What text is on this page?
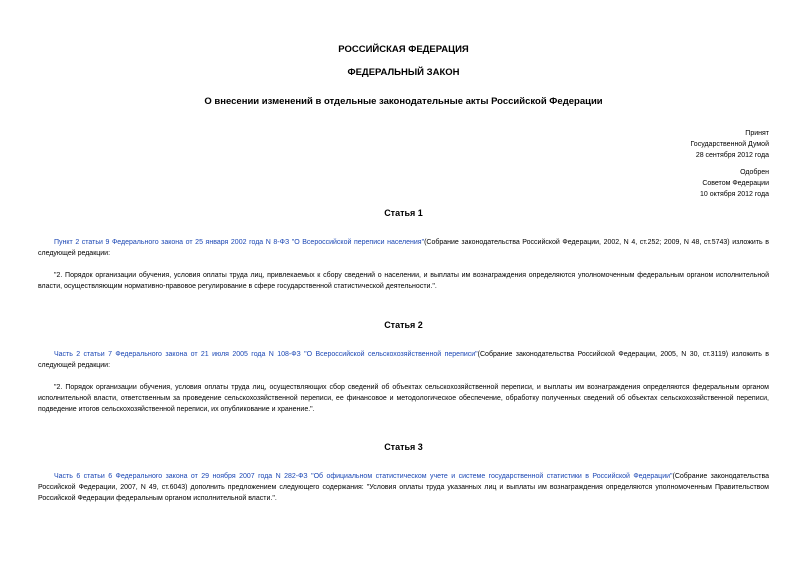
РОССИЙСКАЯ ФЕДЕРАЦИЯ
ФЕДЕРАЛЬНЫЙ ЗАКОН
О внесении изменений в отдельные законодательные акты Российской Федерации
Принят
Государственной Думой
28 сентября 2012 года
Одобрен
Советом Федерации
10 октября 2012 года
Статья 1
Пункт 2 статьи 9 Федерального закона от 25 января 2002 года N 8-ФЗ "О Всероссийской переписи населения"(Собрание законодательства Российской Федерации, 2002, N 4, ст.252; 2009, N 48, ст.5743) изложить в следующей редакции:
"2. Порядок организации обучения, условия оплаты труда лиц, привлекаемых к сбору сведений о населении, и выплаты им вознаграждения определяются уполномоченным федеральным органом исполнительной власти, осуществляющим нормативно-правовое регулирование в сфере государственной статистической деятельности.".
Статья 2
Часть 2 статьи 7 Федерального закона от 21 июля 2005 года N 108-ФЗ "О Всероссийской сельскохозяйственной переписи"(Собрание законодательства Российской Федерации, 2005, N 30, ст.3119) изложить в следующей редакции:
"2. Порядок организации обучения, условия оплаты труда лиц, осуществляющих сбор сведений об объектах сельскохозяйственной переписи, и выплаты им вознаграждения определяются федеральным органом исполнительной власти, ответственным за проведение сельскохозяйственной переписи, ее финансовое и методологическое обеспечение, обработку полученных сведений об объектах сельскохозяйственной переписи, подведение итогов сельскохозяйственной переписи, их опубликование и хранение.".
Статья 3
Часть 6 статьи 6 Федерального закона от 29 ноября 2007 года N 282-ФЗ "Об официальном статистическом учете и системе государственной статистики в Российской Федерации"(Собрание законодательства Российской Федерации, 2007, N 49, ст.6043) дополнить предложением следующего содержания: "Условия оплаты труда указанных лиц и выплаты им вознаграждения определяются уполномоченным Правительством Российской Федерации федеральным органом исполнительной власти.".
